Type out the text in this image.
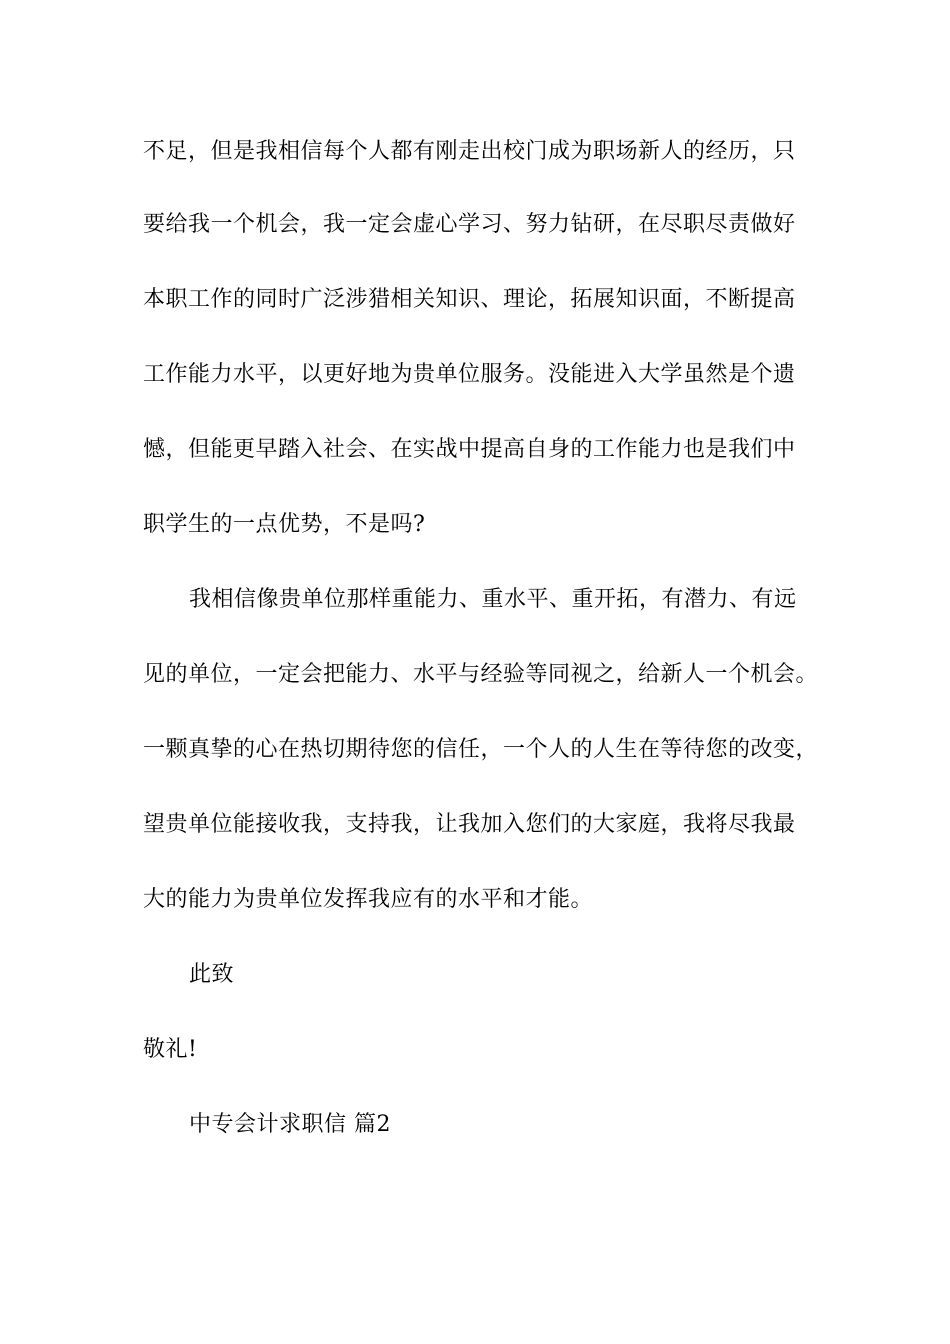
不足，但是我相信每个人都有刚走出校门成为职场新人的经历，只
要给我一个机会，我一定会虚心学习、努力钻研，在尽职尽责做好
本职工作的同时广泛涉猎相关知识、理论，拓展知识面，不断提高
工作能力水平，以更好地为贵单位服务。没能进入大学虽然是个遗
憾，但能更早踏入社会、在实战中提高自身的工作能力也是我们中
职学生的一点优势，不是吗?
我相信像贵单位那样重能力、重水平、重开拓，有潜力、有远
见的单位，一定会把能力、水平与经验等同视之，给新人一个机会。
一颗真挚的心在热切期待您的信任，一个人的人生在等待您的改变，
望贵单位能接收我，支持我，让我加入您们的大家庭，我将尽我最
大的能力为贵单位发挥我应有的水平和才能。
此致
敬礼!
中专会计求职信 篇2
